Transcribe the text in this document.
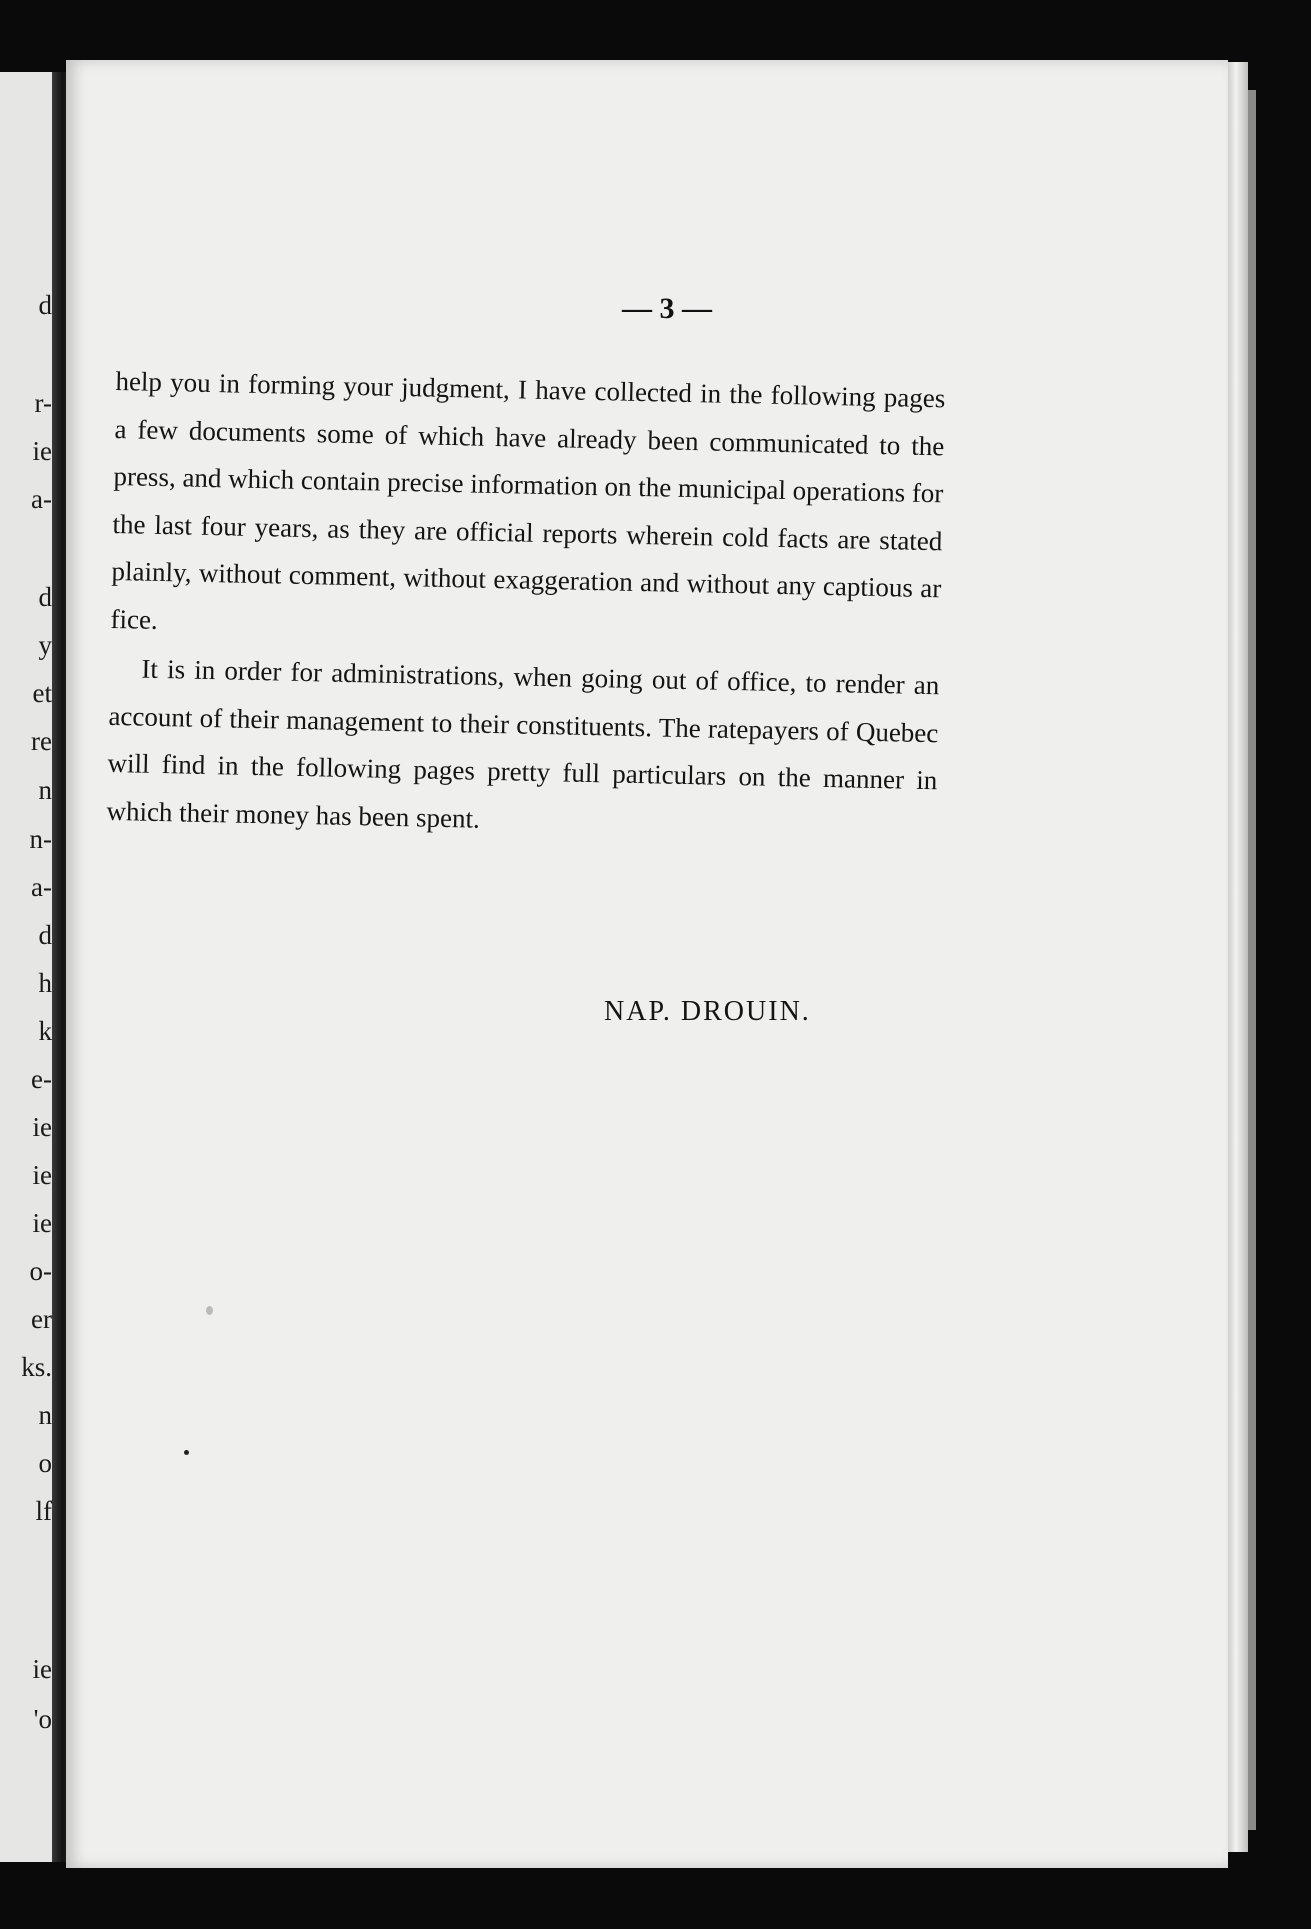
d
r-
ie
a-
d
y
et
re
n
n-
a-
d
h
k
e-
ie
ie
ie
o-
er
ks.
n
o
lf
ie
'o
— 3 —

help you in forming your judgment, I have collected in the following pages a few documents some of which have already been communicated to the press, and which contain precise information on the municipal operations for the last four years, as they are official reports wherein cold facts are stated plainly, without comment, without exaggeration and without any captious ar fice.

It is in order for administrations, when going out of office, to render an account of their management to their constituents. The ratepayers of Quebec will find in the following pages pretty full particulars on the manner in which their money has been spent.

NAP. DROUIN.
